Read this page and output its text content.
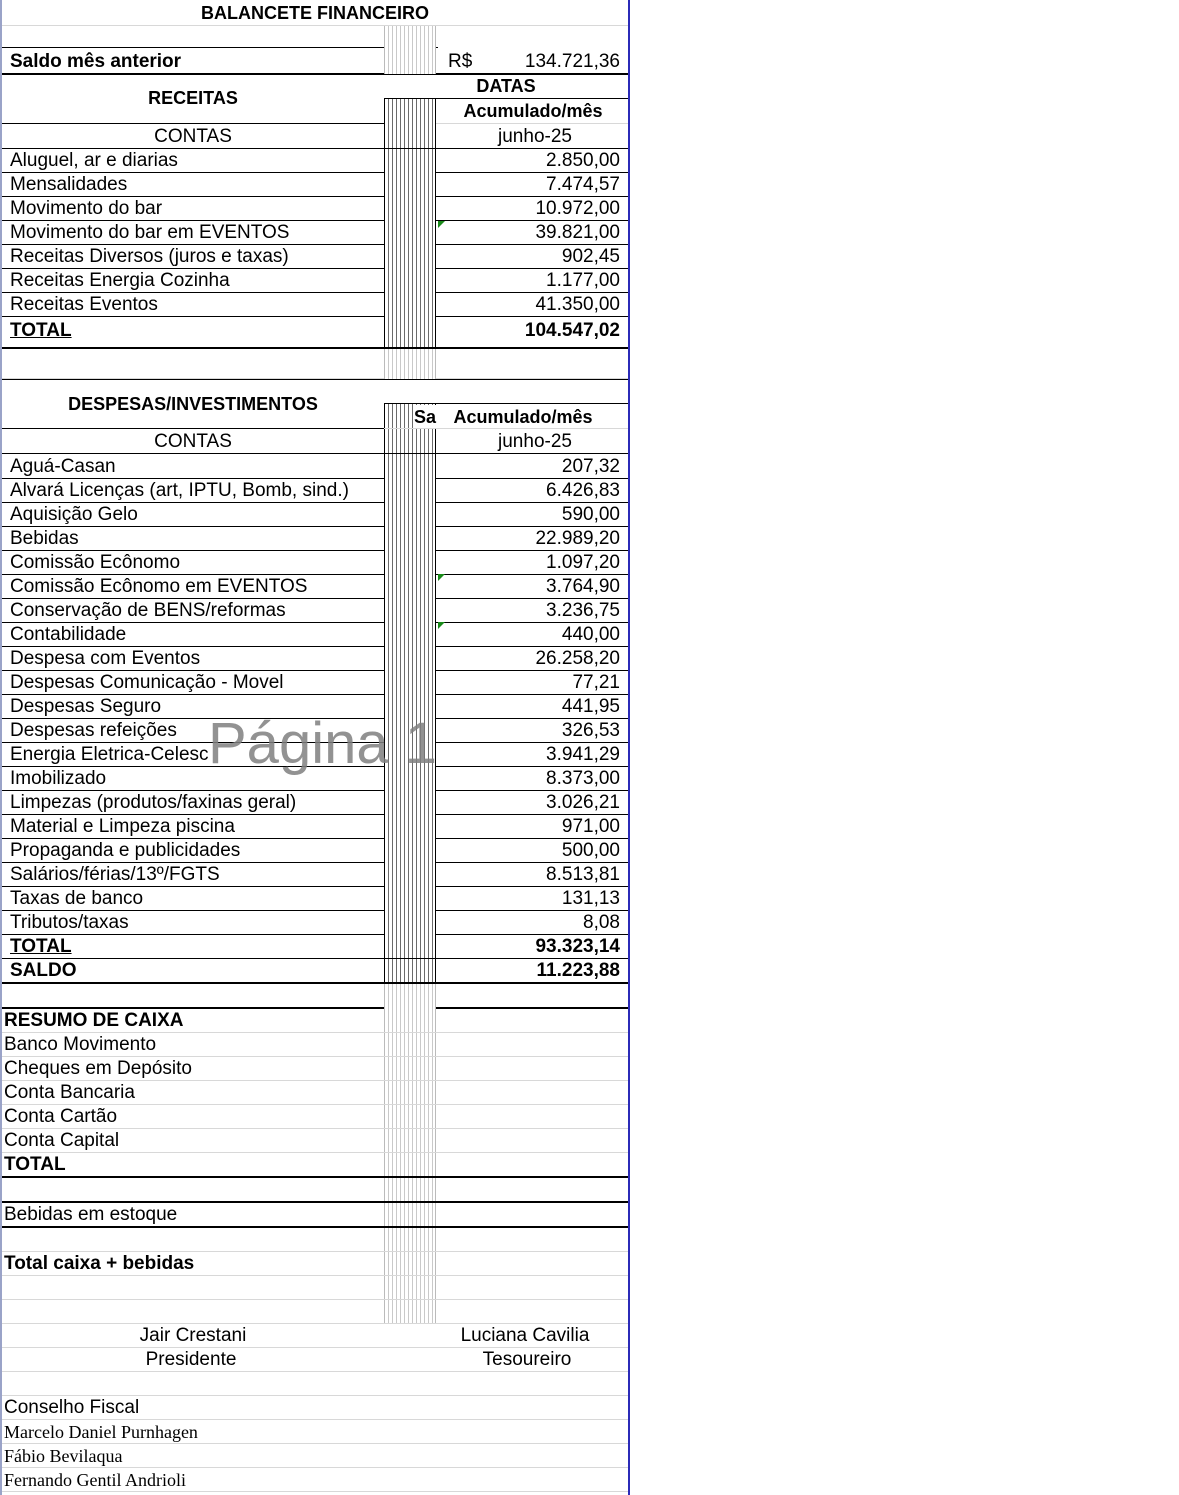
BALANCETE FINANCEIRO
Saldo mês anterior	R$	134.721,36
RECEITAS
DATAS
Acumulado/mês
CONTAS	junho-25
Aluguel, ar e diarias	2.850,00
Mensalidades	7.474,57
Movimento do bar	10.972,00
Movimento do bar em EVENTOS	39.821,00
Receitas Diversos (juros e taxas)	902,45
Receitas Energia Cozinha	1.177,00
Receitas Eventos	41.350,00
TOTAL	104.547,02
DESPESAS/INVESTIMENTOS
Sa Acumulado/mês
CONTAS	junho-25
Aguá-Casan	207,32
Alvará Licenças (art, IPTU, Bomb, sind.)	6.426,83
Aquisição Gelo	590,00
Bebidas	22.989,20
Comissão Ecônomo	1.097,20
Comissão Ecônomo em EVENTOS	3.764,90
Conservação de BENS/reformas	3.236,75
Contabilidade	440,00
Despesa com Eventos	26.258,20
Despesas Comunicação - Movel	77,21
Despesas Seguro	441,95
Despesas refeições	326,53
Energia Eletrica-Celesc	3.941,29
Imobilizado	8.373,00
Limpezas (produtos/faxinas geral)	3.026,21
Material e Limpeza piscina	971,00
Propaganda e publicidades	500,00
Salários/férias/13º/FGTS	8.513,81
Taxas de banco	131,13
Tributos/taxas	8,08
TOTAL	93.323,14
SALDO	11.223,88
RESUMO DE CAIXA
Banco Movimento
Cheques em Depósito
Conta Bancaria
Conta Cartão
Conta Capital
TOTAL
Bebidas em estoque
Total caixa + bebidas
Jair Crestani	Luciana Cavilia
Presidente	Tesoureiro
Conselho Fiscal
Marcelo Daniel Purnhagen
Fábio Bevilaqua
Fernando Gentil Andrioli
Página 1
